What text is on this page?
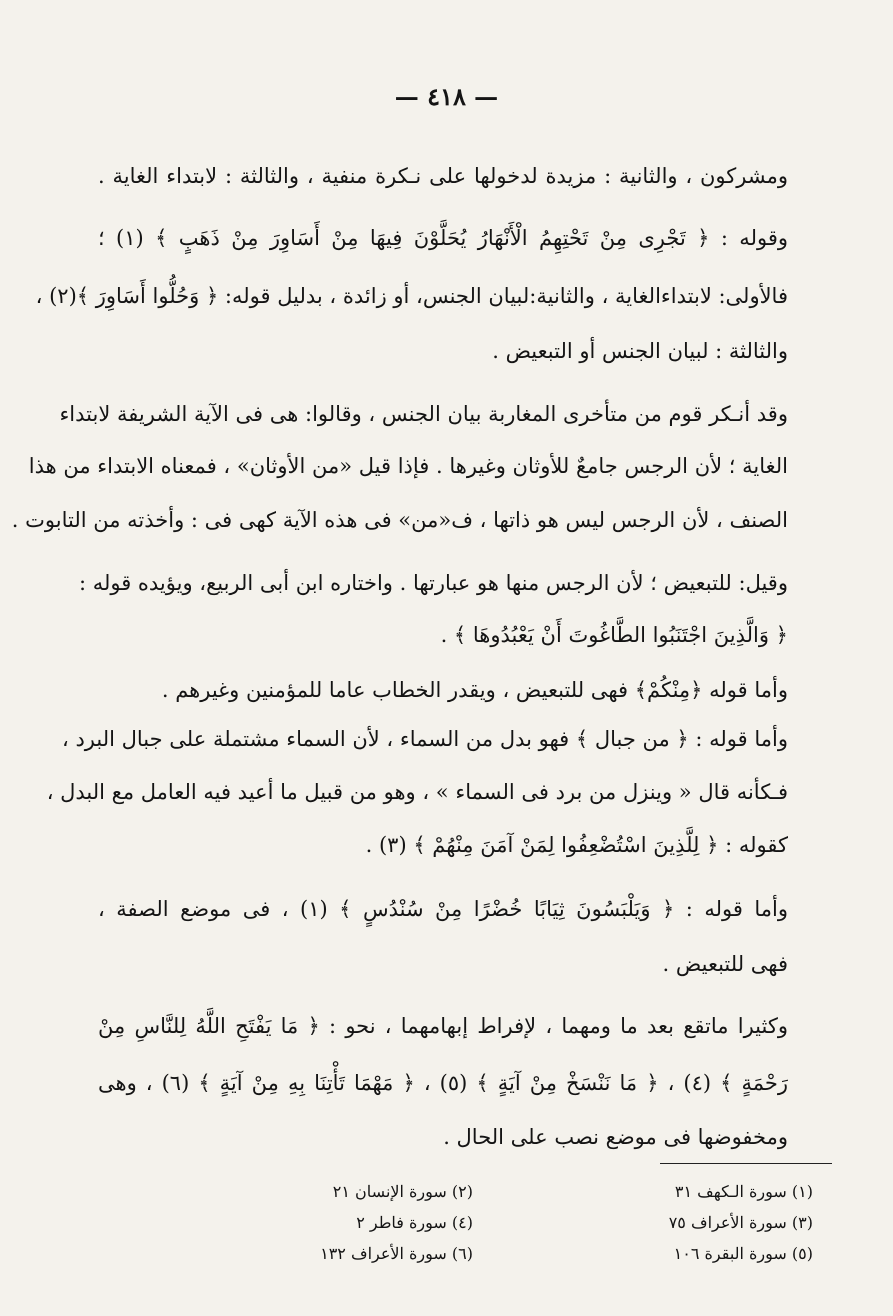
— ٤١٨ —
ومشركون ، والثانية : مزيدة لدخولها على نـكرة منفية ، والثالثة : لابتداء الغاية .
وقوله : ﴿ تَجْرِى مِنْ تَحْتِهِمُ الْأَنْهَارُ يُحَلَّوْنَ فِيهَا مِنْ أَسَاوِرَ مِنْ ذَهَبٍ ﴾ (١) ؛
فالأولى: لابتداءالغاية ، والثانية:لبيان الجنس، أو زائدة ، بدليل قوله: ﴿ وَحُلُّوا أَسَاوِرَ ﴾(٢) ،
والثالثة : لبيان الجنس أو التبعيض .
وقد أنـكر قوم من متأخرى المغاربة بيان الجنس ، وقالوا: هى فى الآية الشريفة لابتداء
الغاية ؛ لأن الرجس جامعٌ للأوثان وغيرها . فإذا قيل «من الأوثان» ، فمعناه الابتداء من هذا
الصنف ، لأن الرجس ليس هو ذاتها ، ف«من» فى هذه الآية كهى فى : وأخذته من التابوت .
وقيل: للتبعيض ؛ لأن الرجس منها هو عبارتها . واختاره ابن أبى الربيع، ويؤيده قوله :
﴿ وَالَّذِينَ اجْتَنَبُوا الطَّاغُوتَ أَنْ يَعْبُدُوهَا ﴾ .
وأما قوله ﴿مِنْكُمْ﴾ فهى للتبعيض ، ويقدر الخطاب عاما للمؤمنين وغيرهم .
وأما قوله : ﴿ من جبال ﴾ فهو بدل من السماء ، لأن السماء مشتملة على جبال البرد ،
فـكأنه قال « وينزل من برد فى السماء » ، وهو من قبيل ما أعيد فيه العامل مع البدل ،
كقوله : ﴿ لِلَّذِينَ اسْتُضْعِفُوا لِمَنْ آمَنَ مِنْهُمْ ﴾ (٣) .
وأما قوله : ﴿ وَيَلْبَسُونَ ثِيَابًا خُضْرًا مِنْ سُنْدُسٍ ﴾ (١) ، فى موضع الصفة ،
فهى للتبعيض .
وكثيرا ماتقع بعد ما ومهما ، لإفراط إبهامهما ، نحو : ﴿ مَا يَفْتَحِ اللَّهُ لِلنَّاسِ مِنْ
رَحْمَةٍ ﴾ (٤) ، ﴿ مَا نَنْسَخْ مِنْ آيَةٍ ﴾ (٥) ، ﴿ مَهْمَا تَأْتِنَا بِهِ مِنْ آيَةٍ ﴾ (٦) ، وهى
ومخفوضها فى موضع نصب على الحال .
(١) سورة الـكهف ٣١
(٢) سورة الإنسان ٢١
(٣) سورة الأعراف ٧٥
(٤) سورة فاطر ٢
(٥) سورة البقرة ١٠٦
(٦) سورة الأعراف ١٣٢
